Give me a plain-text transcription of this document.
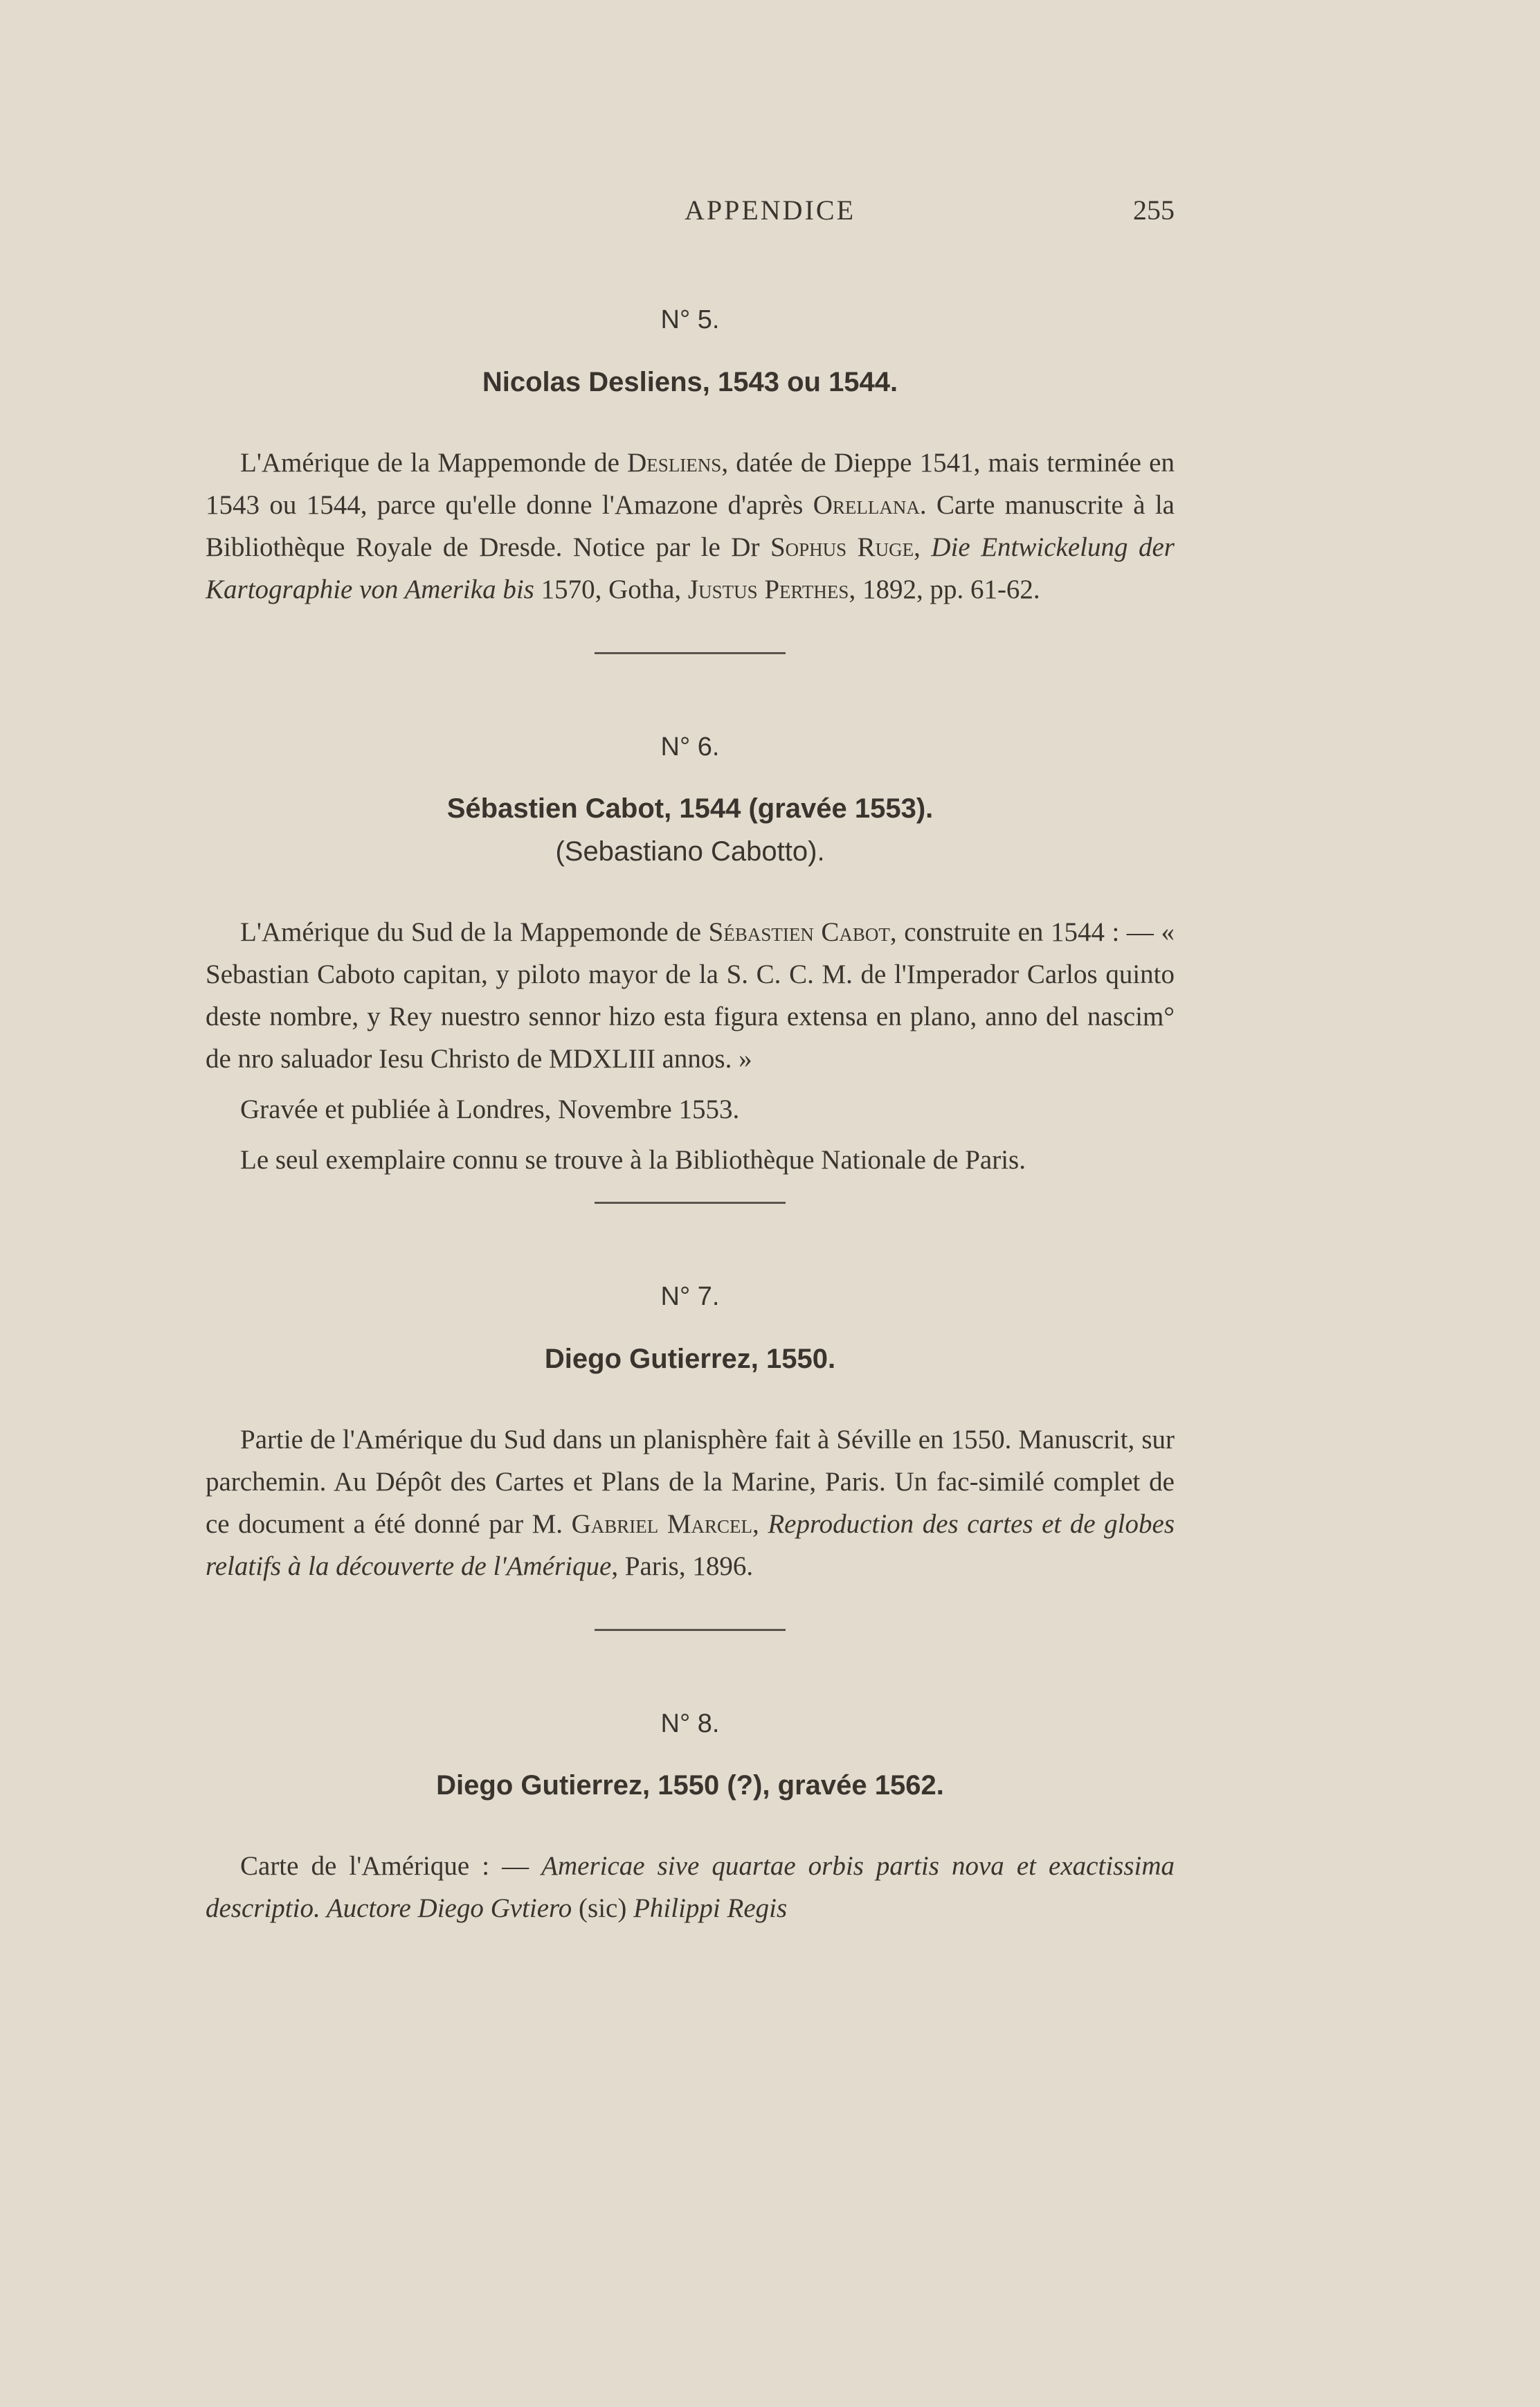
APPENDICE	255

N° 5.

Nicolas Desliens, 1543 ou 1544.

L'Amérique de la Mappemonde de Desliens, datée de Dieppe 1541, mais terminée en 1543 ou 1544, parce qu'elle donne l'Amazone d'après Orellana. Carte manuscrite à la Bibliothèque Royale de Dresde. Notice par le Dr Sophus Ruge, Die Entwickelung der Kartographie von Amerika bis 1570, Gotha, Justus Perthes, 1892, pp. 61-62.

N° 6.

Sébastien Cabot, 1544 (gravée 1553).

(Sebastiano Cabotto).

L'Amérique du Sud de la Mappemonde de Sébastien Cabot, construite en 1544 : — « Sebastian Caboto capitan, y piloto mayor de la S. C. C. M. de l'Imperador Carlos quinto deste nombre, y Rey nuestro sennor hizo esta figura extensa en plano, anno del nascim° de nro saluador Iesu Christo de MDXLIII annos. »

Gravée et publiée à Londres, Novembre 1553.

Le seul exemplaire connu se trouve à la Bibliothèque Nationale de Paris.

N° 7.

Diego Gutierrez, 1550.

Partie de l'Amérique du Sud dans un planisphère fait à Séville en 1550. Manuscrit, sur parchemin. Au Dépôt des Cartes et Plans de la Marine, Paris. Un fac-similé complet de ce document a été donné par M. Gabriel Marcel, Reproduction des cartes et de globes relatifs à la découverte de l'Amérique, Paris, 1896.

N° 8.

Diego Gutierrez, 1550 (?), gravée 1562.

Carte de l'Amérique : — Americae sive quartae orbis partis nova et exactissima descriptio. Auctore Diego Gvtiero (sic) Philippi Regis
